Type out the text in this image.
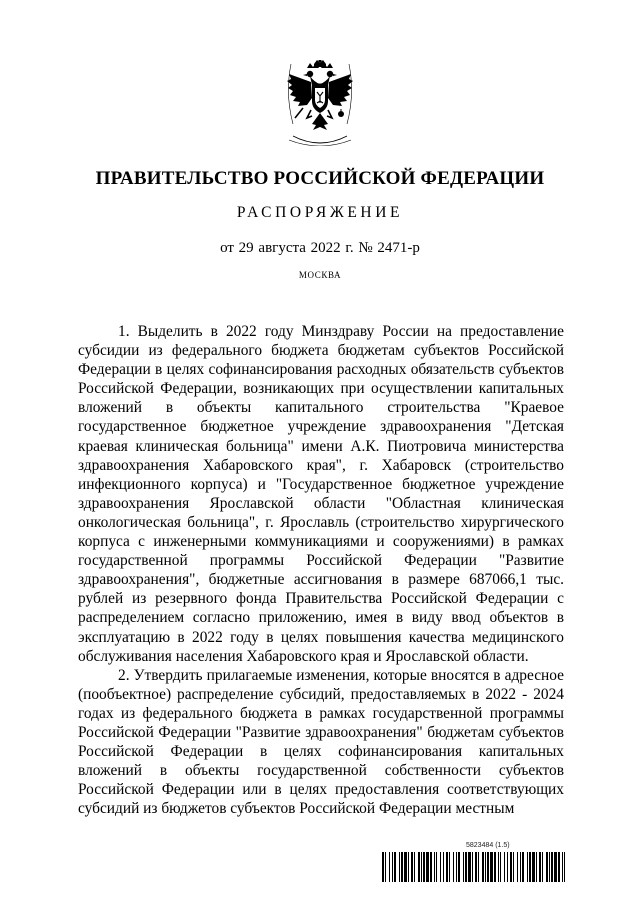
ПРАВИТЕЛЬСТВО РОССИЙСКОЙ ФЕДЕРАЦИИ
РАСПОРЯЖЕНИЕ
от 29 августа 2022 г. № 2471-р
МОСКВА

1. Выделить в 2022 году Минздраву России на предоставление субсидии из федерального бюджета бюджетам субъектов Российской Федерации в целях софинансирования расходных обязательств субъектов Российской Федерации, возникающих при осуществлении капитальных вложений в объекты капитального строительства "Краевое государственное бюджетное учреждение здравоохранения "Детская краевая клиническая больница" имени А.К. Пиотровича министерства здравоохранения Хабаровского края", г. Хабаровск (строительство инфекционного корпуса) и "Государственное бюджетное учреждение здравоохранения Ярославской области "Областная клиническая онкологическая больница", г. Ярославль (строительство хирургического корпуса с инженерными коммуникациями и сооружениями) в рамках государственной программы Российской Федерации "Развитие здравоохранения", бюджетные ассигнования в размере 687066,1 тыс. рублей из резервного фонда Правительства Российской Федерации с распределением согласно приложению, имея в виду ввод объектов в эксплуатацию в 2022 году в целях повышения качества медицинского обслуживания населения Хабаровского края и Ярославской области.

2. Утвердить прилагаемые изменения, которые вносятся в адресное (пообъектное) распределение субсидий, предоставляемых в 2022 - 2024 годах из федерального бюджета в рамках государственной программы Российской Федерации "Развитие здравоохранения" бюджетам субъектов Российской Федерации в целях софинансирования капитальных вложений в объекты государственной собственности субъектов Российской Федерации или в целях предоставления соответствующих субсидий из бюджетов субъектов Российской Федерации местным

5823484 (1.5)
